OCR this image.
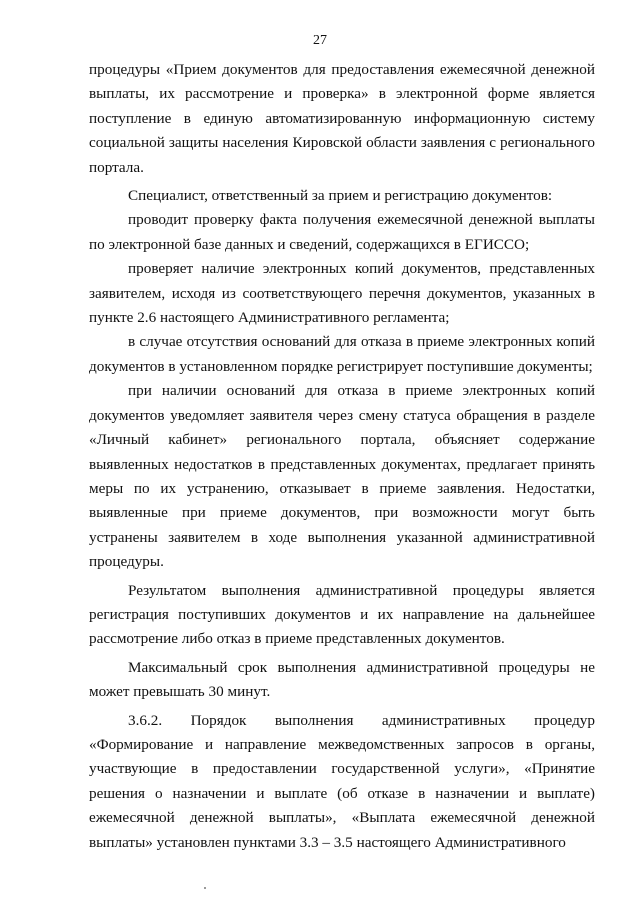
27

процедуры «Прием документов для предоставления ежемесячной денежной выплаты, их рассмотрение и проверка» в электронной форме является поступление в единую автоматизированную информационную систему социальной защиты населения Кировской области заявления с регионального портала.

Специалист, ответственный за прием и регистрацию документов:

проводит проверку факта получения ежемесячной денежной выплаты по электронной базе данных и сведений, содержащихся в ЕГИССО;

проверяет наличие электронных копий документов, представленных заявителем, исходя из соответствующего перечня документов, указанных в пункте 2.6 настоящего Административного регламента;

в случае отсутствия оснований для отказа в приеме электронных копий документов в установленном порядке регистрирует поступившие документы;

при наличии оснований для отказа в приеме электронных копий документов уведомляет заявителя через смену статуса обращения в разделе «Личный кабинет» регионального портала, объясняет содержание выявленных недостатков в представленных документах, предлагает принять меры по их устранению, отказывает в приеме заявления. Недостатки, выявленные при приеме документов, при возможности могут быть устранены заявителем в ходе выполнения указанной административной процедуры.

Результатом выполнения административной процедуры является регистрация поступивших документов и их направление на дальнейшее рассмотрение либо отказ в приеме представленных документов.

Максимальный срок выполнения административной процедуры не может превышать 30 минут.

3.6.2. Порядок выполнения административных процедур «Формирование и направление межведомственных запросов в органы, участвующие в предоставлении государственной услуги», «Принятие решения о назначении и выплате (об отказе в назначении и выплате) ежемесячной денежной выплаты», «Выплата ежемесячной денежной выплаты» установлен пунктами 3.3 – 3.5 настоящего Административного
